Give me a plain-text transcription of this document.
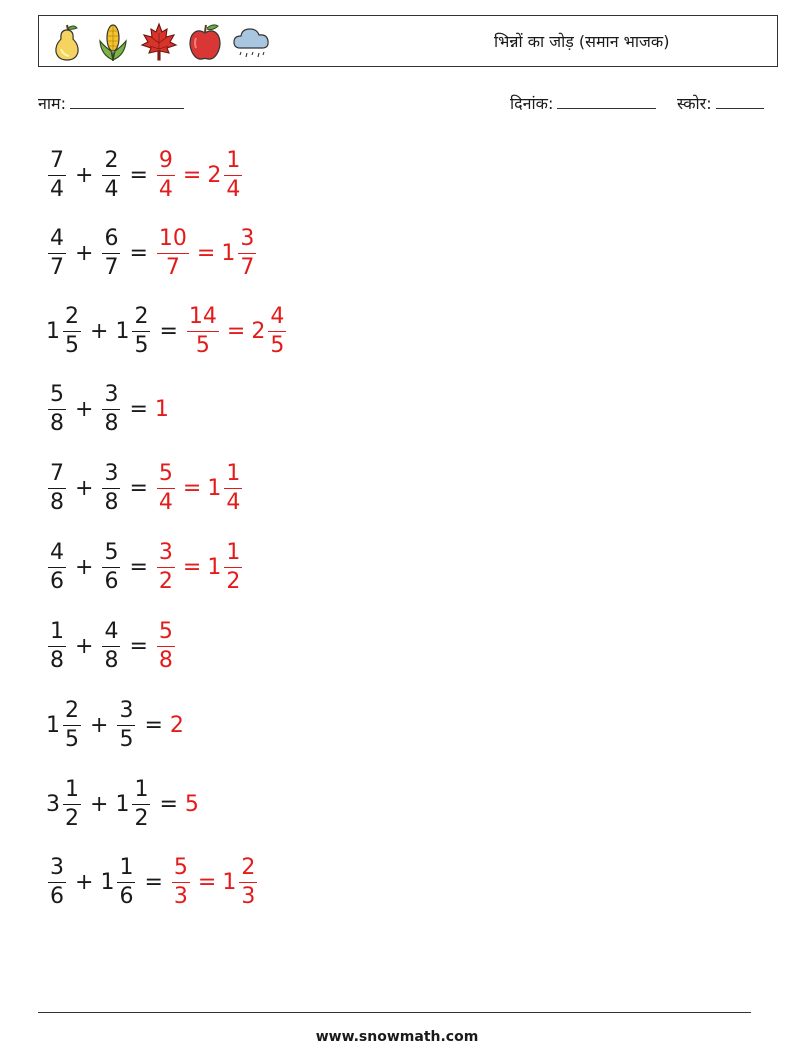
भिन्नों का जोड़ (समान भाजक)
नाम:	दिनांक:	स्कोर:
$\frac{7}{4} + \frac{2}{4} = \frac{9}{4} = 2 \frac{1}{4}$
$\frac{4}{7} + \frac{6}{7} = \frac{10}{7} = 1 \frac{3}{7}$
$1 \frac{2}{5} + 1 \frac{2}{5} = \frac{14}{5} = 2 \frac{4}{5}$
$\frac{5}{8} + \frac{3}{8} = 1$
$\frac{7}{8} + \frac{3}{8} = \frac{5}{4} = 1 \frac{1}{4}$
$\frac{4}{6} + \frac{5}{6} = \frac{3}{2} = 1 \frac{1}{2}$
$\frac{1}{8} + \frac{4}{8} = \frac{5}{8}$
$1 \frac{2}{5} + \frac{3}{5} = 2$
$3 \frac{1}{2} + 1 \frac{1}{2} = 5$
$\frac{3}{6} + 1 \frac{1}{6} = \frac{5}{3} = 1 \frac{2}{3}$
www.snowmath.com
